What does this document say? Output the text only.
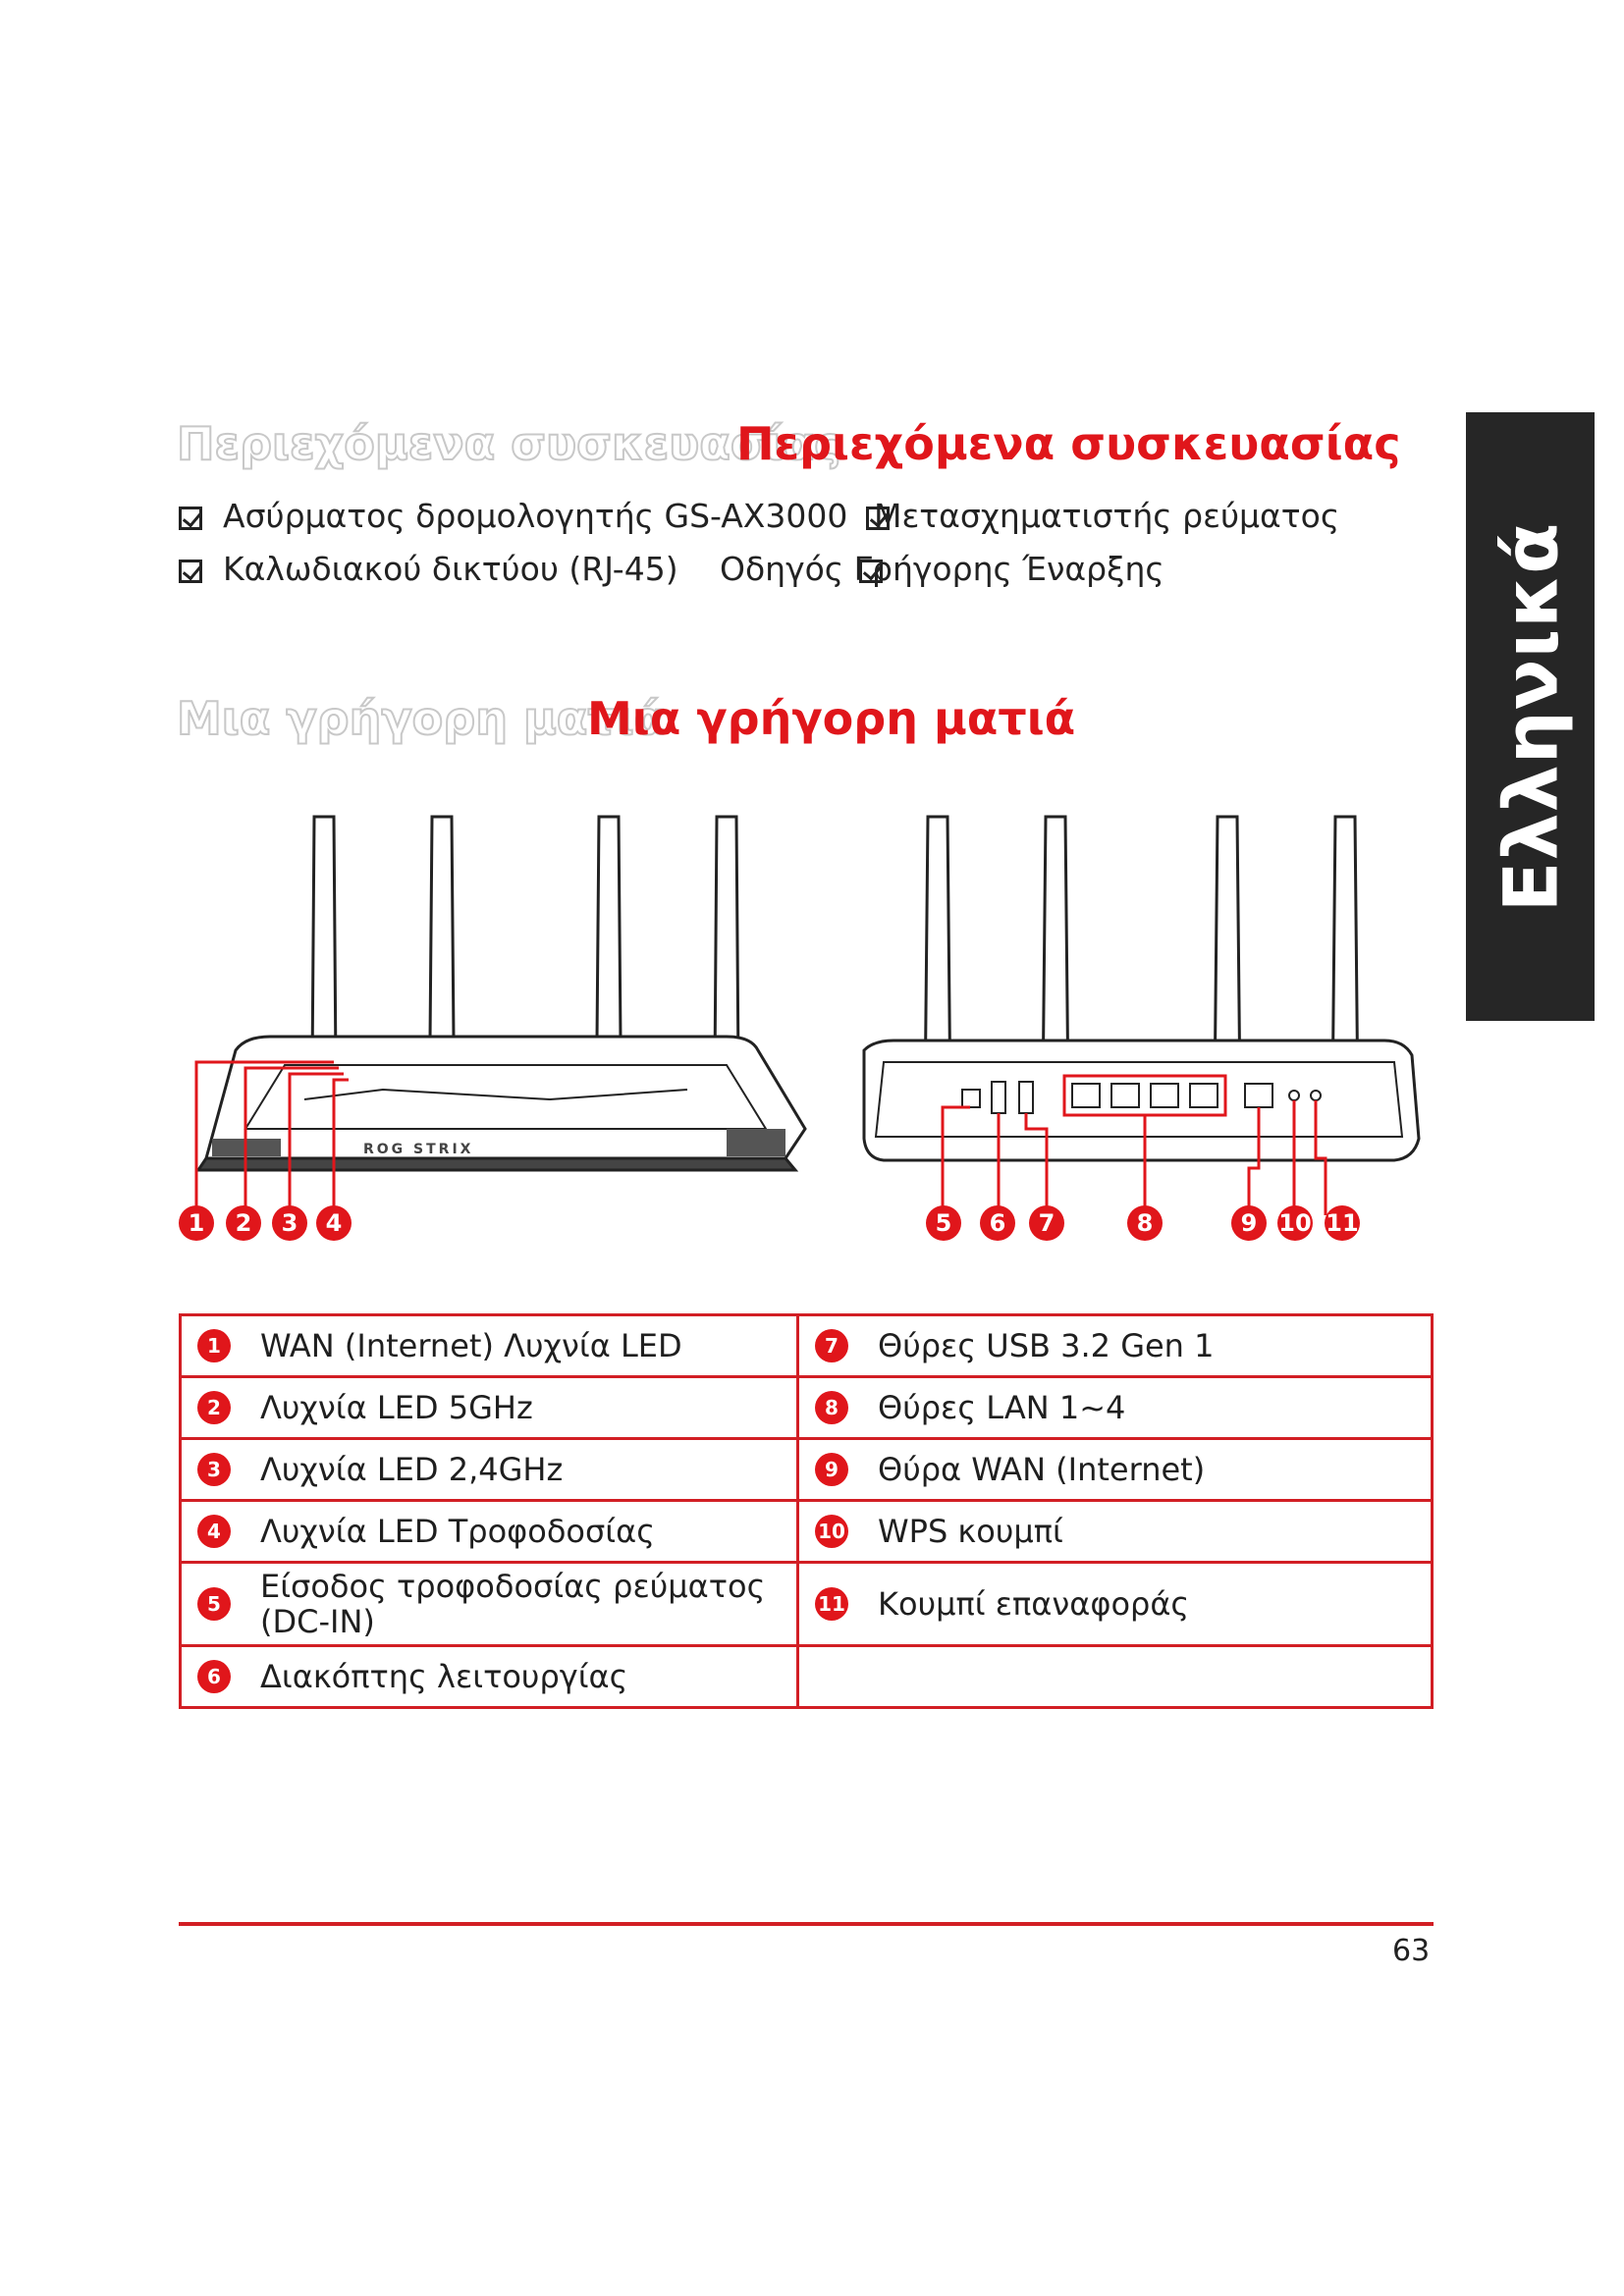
Ελληνικά
Περιεχόμενα συσκευασίας
Περιεχόμενα συσκευασίας
Ασύρματος δρομολογητής GS-AX3000 Μετασχηματιστής ρεύματος
Καλωδιακού δικτύου (RJ-45) Οδηγός Γρήγορης Έναρξης
Μια γρήγορη ματιά
Μια γρήγορη ματιά
ROG STRIX
1	2	3	4	5	6	7	8	9 10 11
1 WAN (Internet) Λυχνία LED	7 Θύρες USB 3.2 Gen 1

2 Λυχνία LED 5GHz	8 Θύρες LAN 1~4

3 Λυχνία LED 2,4GHz	9 Θύρα WAN (Internet)

4 Λυχνία LED Τροφοδοσίας	10 WPS κουμπί

5 Είσοδος τροφοδοσίας ρεύματος (DC-IN)	11 Κουμπί επαναφοράς

6 Διακόπτης λειτουργίας	

63
